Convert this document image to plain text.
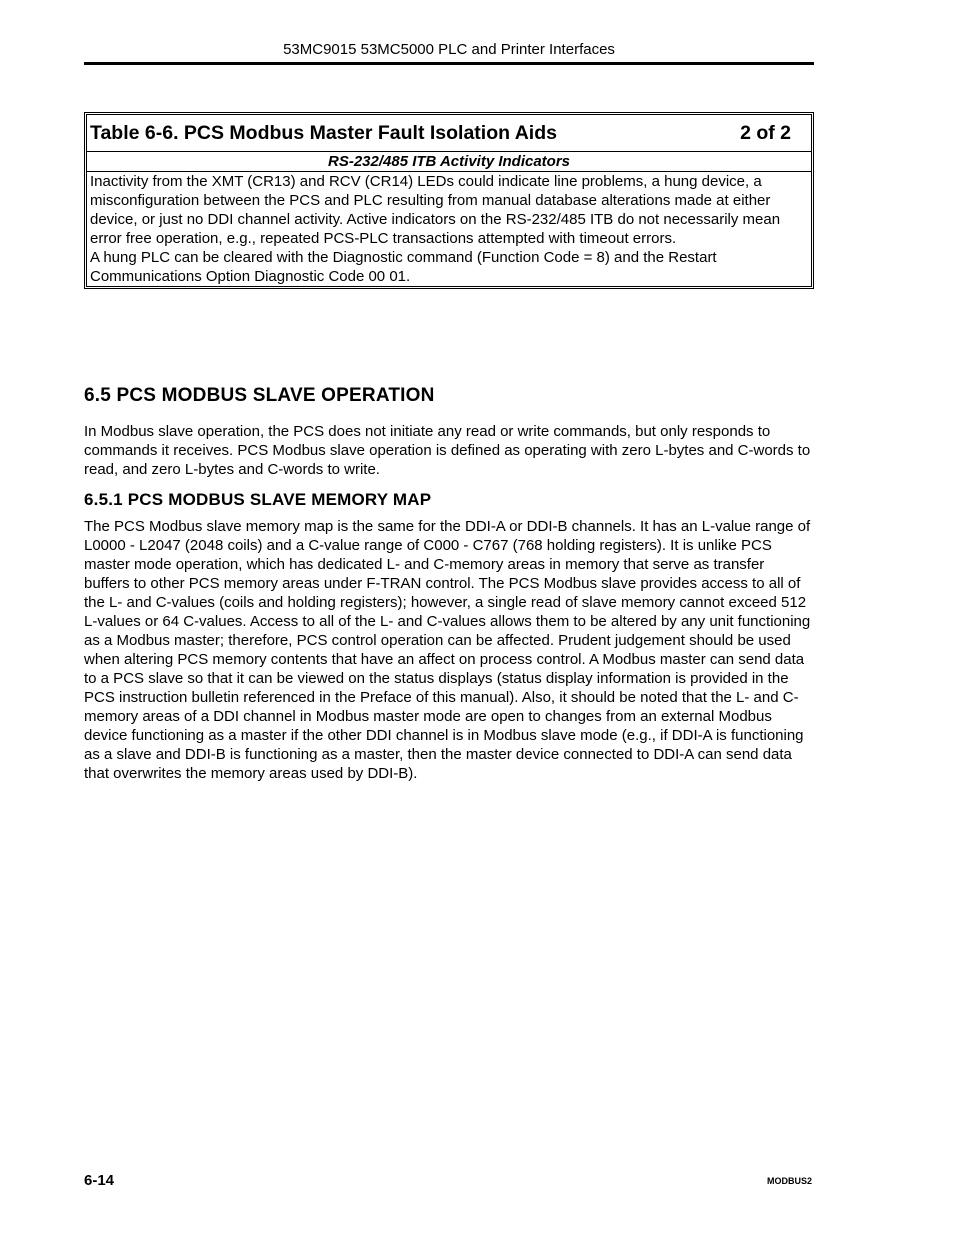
53MC9015 53MC5000 PLC and Printer Interfaces
Table 6-6. PCS Modbus Master Fault Isolation Aids	2 of 2
RS-232/485 ITB Activity Indicators

Inactivity from the XMT (CR13) and RCV (CR14) LEDs could indicate line problems, a hung device, a misconfiguration between the PCS and PLC resulting from manual database alterations made at either device, or just no DDI channel activity. Active indicators on the RS-232/485 ITB do not necessarily mean error free operation, e.g., repeated PCS-PLC transactions attempted with timeout errors.

A hung PLC can be cleared with the Diagnostic command (Function Code = 8) and the Restart Communications Option Diagnostic Code 00 01.

6.5 PCS MODBUS SLAVE OPERATION

In Modbus slave operation, the PCS does not initiate any read or write commands, but only responds to commands it receives. PCS Modbus slave operation is defined as operating with zero L-bytes and C-words to read, and zero L-bytes and C-words to write.

6.5.1 PCS MODBUS SLAVE MEMORY MAP

The PCS Modbus slave memory map is the same for the DDI-A or DDI-B channels. It has an L-value range of L0000 - L2047 (2048 coils) and a C-value range of C000 - C767 (768 holding registers). It is unlike PCS master mode operation, which has dedicated L- and C-memory areas in memory that serve as transfer buffers to other PCS memory areas under F-TRAN control. The PCS Modbus slave provides access to all of the L- and C-values (coils and holding registers); however, a single read of slave memory cannot exceed 512 L-values or 64 C-values. Access to all of the L- and C-values allows them to be altered by any unit functioning as a Modbus master; therefore, PCS control operation can be affected. Prudent judgement should be used when altering PCS memory contents that have an affect on process control. A Modbus master can send data to a PCS slave so that it can be viewed on the status displays (status display information is provided in the PCS instruction bulletin referenced in the Preface of this manual). Also, it should be noted that the L- and C-memory areas of a DDI channel in Modbus master mode are open to changes from an external Modbus device functioning as a master if the other DDI channel is in Modbus slave mode (e.g., if DDI-A is functioning as a slave and DDI-B is functioning as a master, then the master device connected to DDI-A can send data that overwrites the memory areas used by DDI-B).

6-14	MODBUS2
